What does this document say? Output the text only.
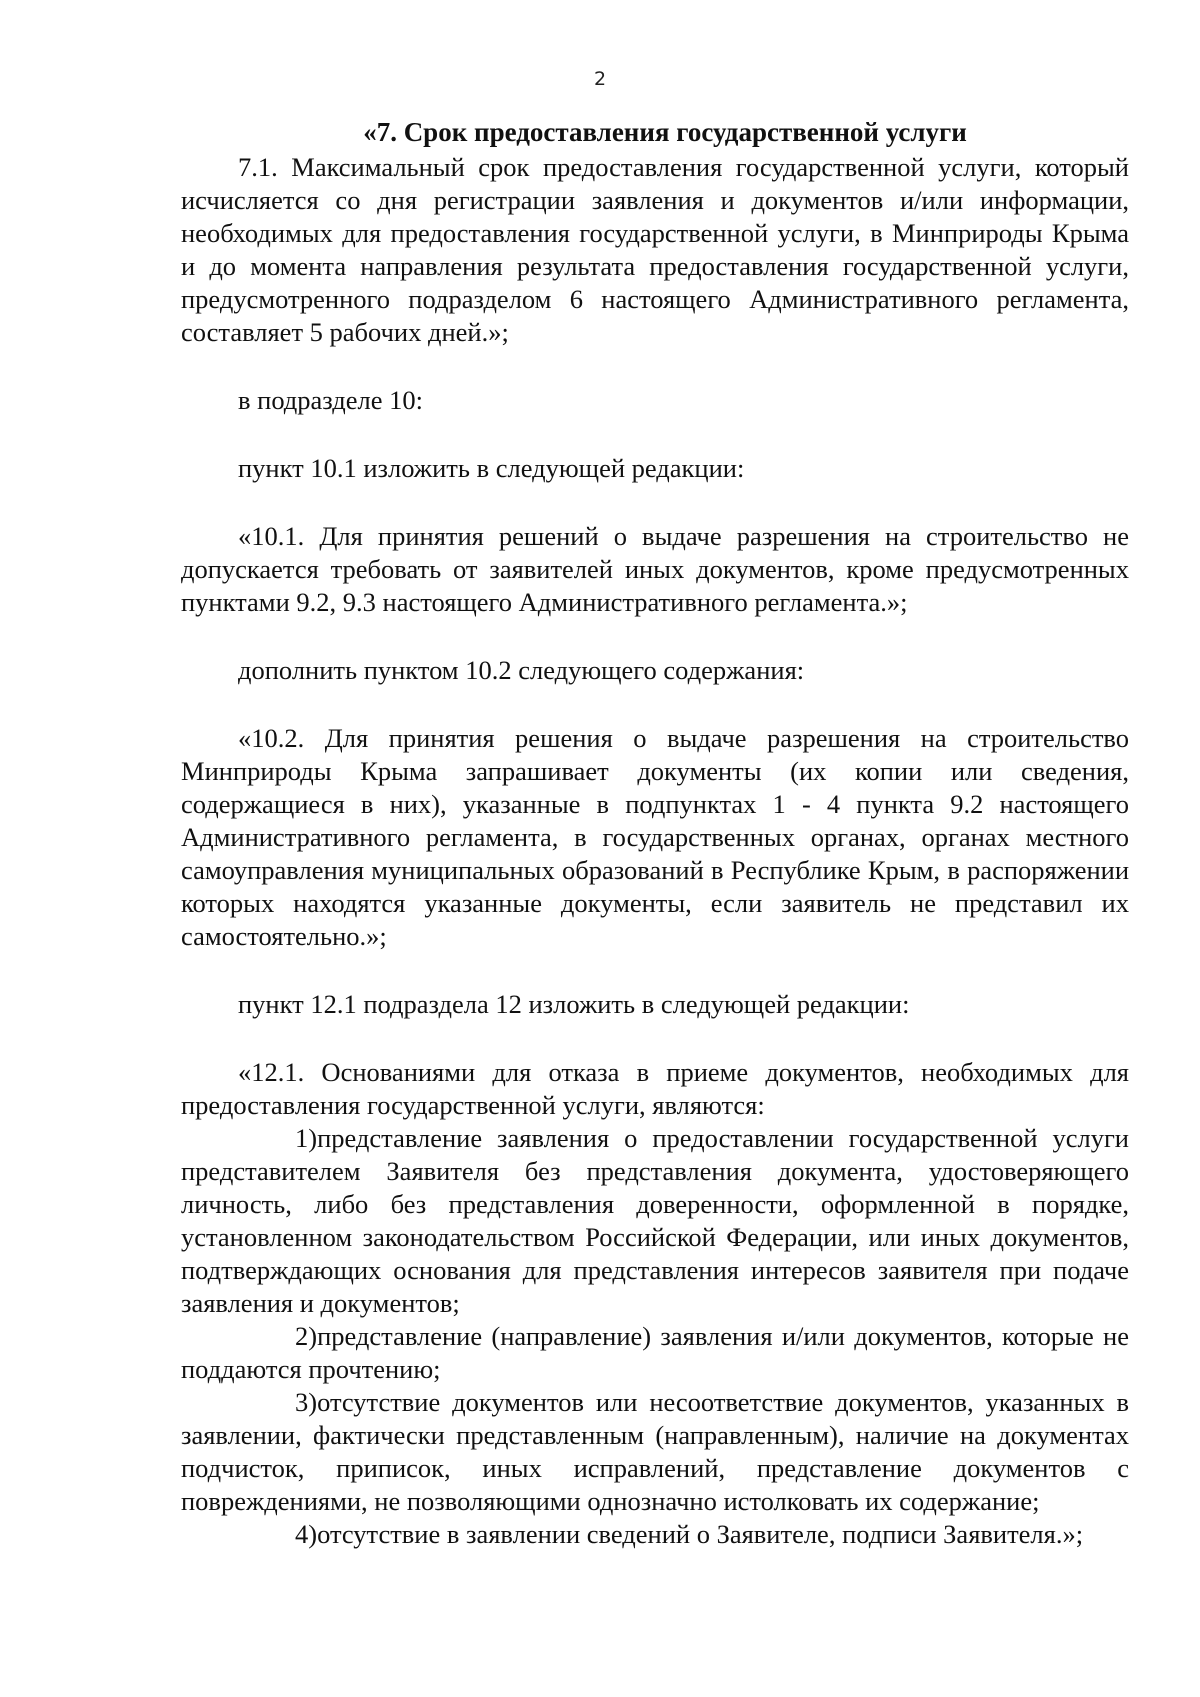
2
«7. Срок предоставления государственной услуги

7.1. Максимальный срок предоставления государственной услуги, который исчисляется со дня регистрации заявления и документов и/или информации, необходимых для предоставления государственной услуги, в Минприроды Крыма и до момента направления результата предоставления государственной услуги, предусмотренного подразделом 6 настоящего Административного регламента, составляет 5 рабочих дней.»;

в подразделе 10:

пункт 10.1 изложить в следующей редакции:

«10.1. Для принятия решений о выдаче разрешения на строительство не допускается требовать от заявителей иных документов, кроме предусмотренных пунктами 9.2, 9.3 настоящего Административного регламента.»;

дополнить пунктом 10.2 следующего содержания:

«10.2. Для принятия решения о выдаче разрешения на строительство Минприроды Крыма запрашивает документы (их копии или сведения, содержащиеся в них), указанные в подпунктах 1 - 4 пункта 9.2 настоящего Административного регламента, в государственных органах, органах местного самоуправления муниципальных образований в Республике Крым, в распоряжении которых находятся указанные документы, если заявитель не представил их самостоятельно.»;

пункт 12.1 подраздела 12 изложить в следующей редакции:

«12.1. Основаниями для отказа в приеме документов, необходимых для предоставления государственной услуги, являются:

1)представление заявления о предоставлении государственной услуги представителем Заявителя без представления документа, удостоверяющего личность, либо без представления доверенности, оформленной в порядке, установленном законодательством Российской Федерации, или иных документов, подтверждающих основания для представления интересов заявителя при подаче заявления и документов;

2)представление (направление) заявления и/или документов, которые не поддаются прочтению;

3)отсутствие документов или несоответствие документов, указанных в заявлении, фактически представленным (направленным), наличие на документах подчисток, приписок, иных исправлений, представление документов с повреждениями, не позволяющими однозначно истолковать их содержание;

4)отсутствие в заявлении сведений о Заявителе, подписи Заявителя.»;
